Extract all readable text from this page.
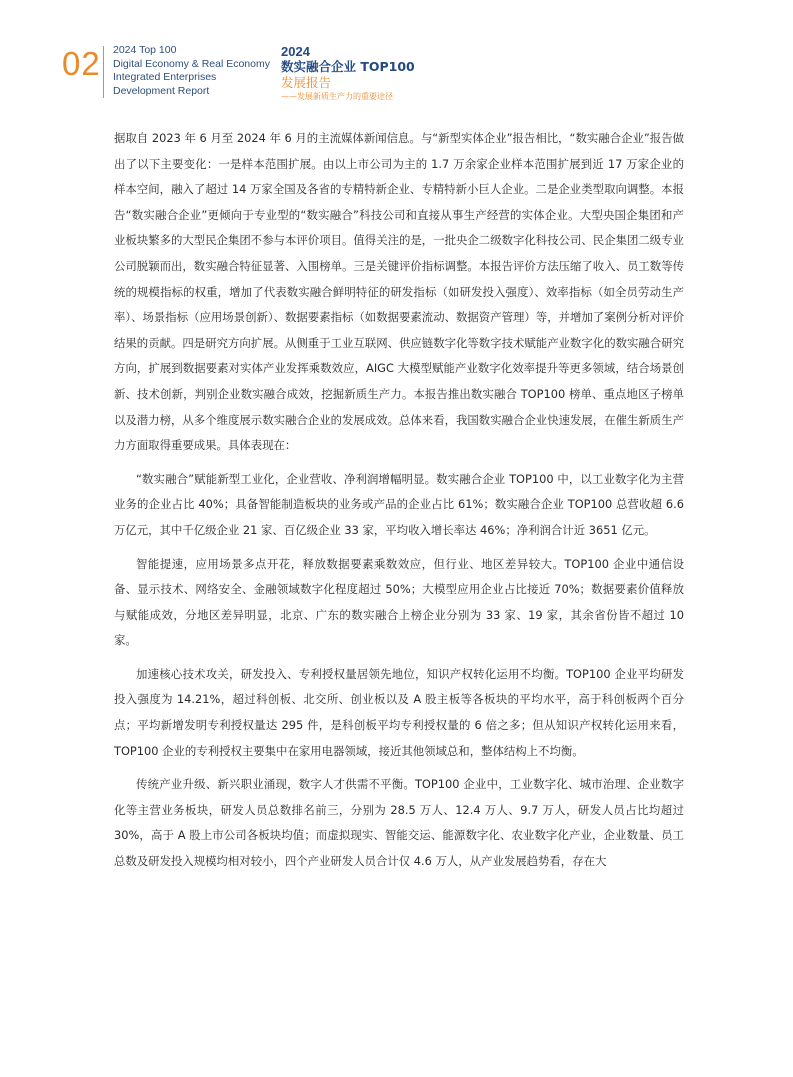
02 2024 Top 100
Digital Economy & Real Economy
Integrated Enterprises
Development Report
2024
数实融合企业 TOP100
发展报告
——发展新质生产力的重要途径

据取自 2023 年 6 月至 2024 年 6 月的主流媒体新闻信息。与“新型实体企业”报告相比，“数实融合企业”报告做出了以下主要变化：一是样本范围扩展。由以上市公司为主的 1.7 万余家企业样本范围扩展到近 17 万家企业的样本空间，融入了超过 14 万家全国及各省的专精特新企业、专精特新小巨人企业。二是企业类型取向调整。本报告“数实融合企业”更倾向于专业型的“数实融合”科技公司和直接从事生产经营的实体企业。大型央国企集团和产业板块繁多的大型民企集团不参与本评价项目。值得关注的是，一批央企二级数字化科技公司、民企集团二级专业公司脱颖而出，数实融合特征显著、入围榜单。三是关键评价指标调整。本报告评价方法压缩了收入、员工数等传统的规模指标的权重，增加了代表数实融合鲜明特征的研发指标（如研发投入强度）、效率指标（如全员劳动生产率）、场景指标（应用场景创新）、数据要素指标（如数据要素流动、数据资产管理）等，并增加了案例分析对评价结果的贡献。四是研究方向扩展。从侧重于工业互联网、供应链数字化等数字技术赋能产业数字化的数实融合研究方向，扩展到数据要素对实体产业发挥乘数效应，AIGC 大模型赋能产业数字化效率提升等更多领域，结合场景创新、技术创新，判别企业数实融合成效，挖掘新质生产力。本报告推出数实融合 TOP100 榜单、重点地区子榜单以及潜力榜，从多个维度展示数实融合企业的发展成效。总体来看，我国数实融合企业快速发展，在催生新质生产力方面取得重要成果。具体表现在：

“数实融合”赋能新型工业化，企业营收、净利润增幅明显。数实融合企业 TOP100 中，以工业数字化为主营业务的企业占比 40%；具备智能制造板块的业务或产品的企业占比 61%；数实融合企业 TOP100 总营收超 6.6 万亿元，其中千亿级企业 21 家、百亿级企业 33 家，平均收入增长率达 46%；净利润合计近 3651 亿元。

智能提速，应用场景多点开花，释放数据要素乘数效应，但行业、地区差异较大。TOP100 企业中通信设备、显示技术、网络安全、金融领域数字化程度超过 50%；大模型应用企业占比接近 70%；数据要素价值释放与赋能成效，分地区差异明显，北京、广东的数实融合上榜企业分别为 33 家、19 家，其余省份皆不超过 10 家。

加速核心技术攻关，研发投入、专利授权量居领先地位，知识产权转化运用不均衡。TOP100 企业平均研发投入强度为 14.21%，超过科创板、北交所、创业板以及 A 股主板等各板块的平均水平，高于科创板两个百分点；平均新增发明专利授权量达 295 件，是科创板平均专利授权量的 6 倍之多；但从知识产权转化运用来看，TOP100 企业的专利授权主要集中在家用电器领域，接近其他领域总和，整体结构上不均衡。

传统产业升级、新兴职业涌现，数字人才供需不平衡。TOP100 企业中，工业数字化、城市治理、企业数字化等主营业务板块，研发人员总数排名前三，分别为 28.5 万人、12.4 万人、9.7 万人，研发人员占比均超过 30%，高于 A 股上市公司各板块均值；而虚拟现实、智能交运、能源数字化、农业数字化产业，企业数量、员工总数及研发投入规模均相对较小，四个产业研发人员合计仅 4.6 万人，从产业发展趋势看，存在大
